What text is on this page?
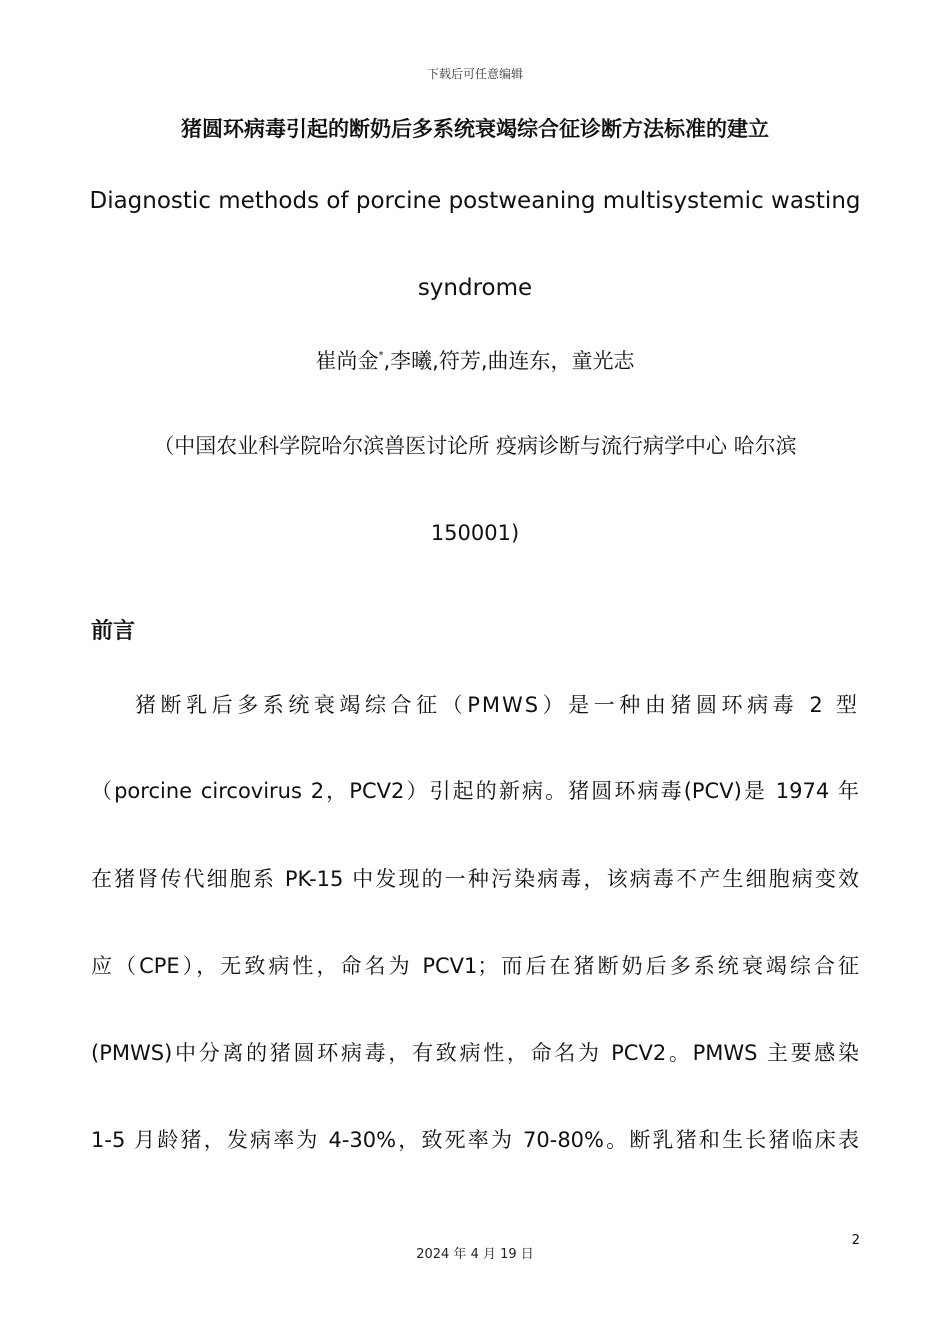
下载后可任意编辑
猪圆环病毒引起的断奶后多系统衰竭综合征诊断方法标准的建立
Diagnostic methods of porcine postweaning multisystemic wasting
syndrome
崔尚金*,李曦,符芳,曲连东，童光志
（中国农业科学院哈尔滨兽医讨论所 疫病诊断与流行病学中心 哈尔滨
150001)
前言
猪断乳后多系统衰竭综合征（PMWS）是一种由猪圆环病毒 2 型
（porcine circovirus 2，PCV2）引起的新病。猪圆环病毒(PCV)是 1974 年
在猪肾传代细胞系 PK-15 中发现的一种污染病毒，该病毒不产生细胞病变效
应（CPE），无致病性，命名为 PCV1；而后在猪断奶后多系统衰竭综合征
(PMWS)中分离的猪圆环病毒，有致病性，命名为 PCV2。PMWS 主要感染
1-5 月龄猪，发病率为 4-30%，致死率为 70-80%。断乳猪和生长猪临床表
2
2024 年 4 月 19 日
